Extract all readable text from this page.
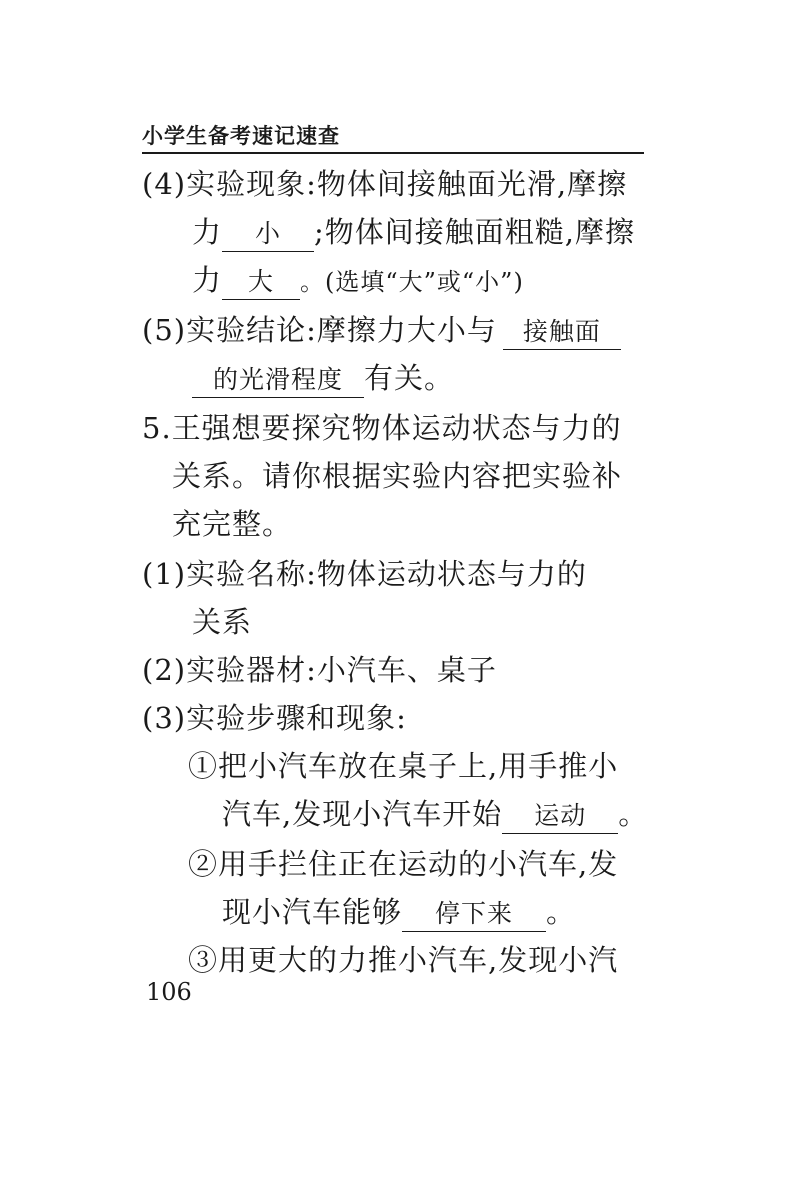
小学生备考速记速查
(4)实验现象:物体间接触面光滑,摩擦
力 小 ;物体间接触面粗糙,摩擦
力 大 。(选填“大”或“小”)
(5)实验结论:摩擦力大小与 接触面
的光滑程度 有关。
5.王强想要探究物体运动状态与力的
关系。请你根据实验内容把实验补
充完整。
(1)实验名称:物体运动状态与力的
关系
(2)实验器材:小汽车、桌子
(3)实验步骤和现象:
①把小汽车放在桌子上,用手推小
汽车,发现小汽车开始 运动 。
②用手拦住正在运动的小汽车,发
现小汽车能够 停下来 。
③用更大的力推小汽车,发现小汽
106
